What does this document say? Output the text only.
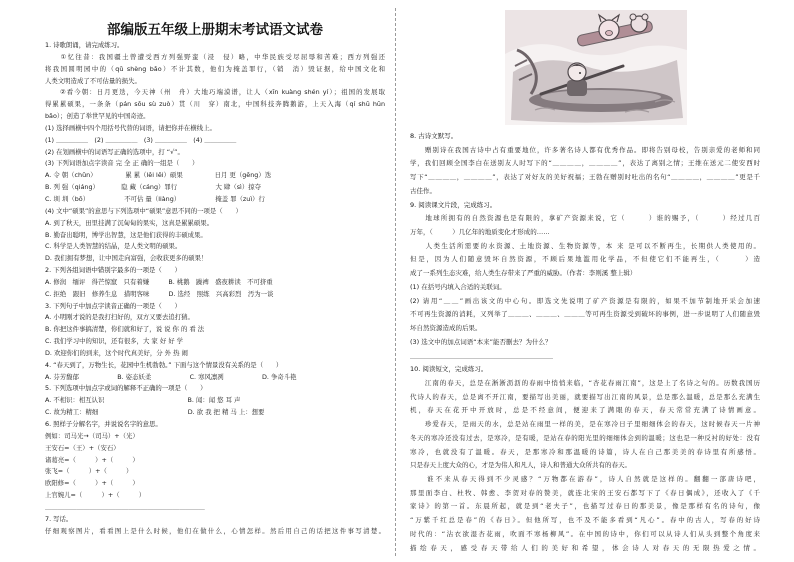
部编版五年级上册期末考试语文试卷
1. 诗歌朗诵，请完成练习。
　　①忆往昔：我国疆土曾遭受西方列强野蛮（浸　侵）略，中华民族受尽屈辱和苦难；西方列强还
将我国圆明园中的（qǔ shèng bǎo）不计其数，他们为掩盖罪行，（销　消）毁证据，给中国文化和
人类文明造成了不可估量的损失。
　　②看今朝：日月更迭，今天神（州　舟）大地巧端漠谱，让人（xīn kuàng shén yí）；祖国的发展取
得累累硕果，一条条（pán sōu sù zuò）贯（川　穿）南北，中国科技奔腾鹅游，上天入海（qí shū hūn
bǎo）；创造了举世罕见的中国奇迹。
(1) 选择画横中四个用括号代替的词语，请把你并在横线上。
(1) ＿＿＿＿＿　(2) ＿＿＿＿＿　(3) ＿＿＿＿＿　(4) ＿＿＿＿＿
(2) 在划画横中的词语写正确的选项中，打 “√”。
(3) 下列词语加点字读音 完 全 正 确的一组是（　　）
A. 令 朝（chǔn）　　　　　累 累（lěi lěi）硕果　　　　　日月 更（gēng）迭
B. 列 强（qiáng）　　　　隐 藏（cáng）罪行　　　　　　大 肆（sì）掠夺
C. 圳 圳（bō）　　　　　　不可估 量（liàng）　　　　　　掩盖 罪（zuì）行
(4) 文中“硕果”的意思与下列选项中“硕果”意思不同的一项是（　　）
A. 到了秋天，田里挂满了沉甸甸的果实，这真是累累硕果。
B. 勤奋出聪明，博学出智慧，这是他们获得的丰硕成果。
C. 科学是人类智慧的结晶，是人类文明的硕果。
D. 我们拥有梦想，让中国走向富强，会收获更多的硕果！
2. 下列各组词语中错别字最多的一项是（　　）
A. 修润　缅评　得芒惊竄　只有着嫌　　　B. 桃鹅　躁裨　盛夜耕读　不可挤重
C. 拒绝　跟旧　修养生息　措明客味　　　D. 选经　照练　兴高彩烈　汚为一谈
3. 下列句子中加点字读音正确的一项是（　　）
A. 小明刚才说的是我打扫好的，双方又要去追打猜。
B. 你把这件事搞清楚，你们就和好了，说 说 你 的 看 法
C. 我们学习中的知识，还有很多，大 家 好 好 学
D. 欢迎你们的到来，这个时代真美好，分 外 热 闹
4. “春天到了，万物生长，花园中生机勃勃。” 下面与这个情景没有关系的是（　　）
A. 芬芳馥郁　　　　　　B. 姿态妖柔　　　　　　C. 寒风凛冽　　　　　　D. 争奇斗艳
5. 下列选项中加点字或词的解释不正确的一项是（　　）
A. 不相识：相互认识　　　　　　　　　　　　　B. 闻：闻 悠 耳 声
C. 故为精工：精细　　　　　　　　　　　　　　D. 欲 我 把 精 马 上：想要
6. 照样子分解名字，并说说名字的意思。
例如：司马光→（司马）+（光）
王安石=（王）+（安石）
诸葛亮=（　　　）+（　　　）
张飞=（　　　）+（　　　）
欧阳修=（　　　）+（　　　）
上官婉儿=（　　　）+（　　　）
＿＿＿＿＿＿＿＿＿＿＿＿＿＿＿＿＿＿＿＿＿＿＿＿＿
7. 写话。
仔细观察图片，看看图上是什么时候，他们在做什么，心情怎样。然后用自己的话把这件事写清楚。
8. 古诗文默写。
　　赠别诗在我国古诗中占有重要地位，许多著名诗人都有优秀作品。即将告别母校，告别亲爱的老师和同
学，我们回顾全国李白在送别友人时写下的“＿＿＿＿，＿＿＿＿”，表达了离别之情；王维在送元二使安西时
写下“＿＿＿＿，＿＿＿＿”，表达了对好友的美好祝福；王勃在赠别时吐出的名句“＿＿＿＿，＿＿＿＿”更是千
古佳作。
9. 阅读课文片段，完成练习。
　　地球所拥有的自然资源也是有限的，拿矿产资源来说，它（　　　）谁的赐予，（　　　）经过几百
万年，（　　　）几亿年的地质变化才形成的……
　　人类生活所需要的水资源、土地资源、生物资源等，本 来 是可以不断再生，长期供人类使用的。
但是，因为人们随意毁坏自然资源，不顾后果地滥用化学品，不但使它们不能再生，（　　　）造
成了一系列生态灾难，给人类生存带来了严重的威胁。（作者：李则溪 整上辑）
(1) 在括号内填入合适的关联词。
(2) 请用“＿＿”画出该文的中心句。即选文先说明了矿产资源是有限的，如果不加节制地开采会加速
不可再生资源的消耗，又列举了＿＿＿、＿＿＿、＿＿＿等可再生资源受到破坏的事例，进一步说明了人们随意毁
坏自然资源造成的后果。
(3) 选文中的加点词语“本来”能否删去？为什么？
＿＿＿＿＿＿＿＿＿＿＿＿＿＿＿＿＿＿＿＿＿＿
10. 阅读短文，完成练习。
　　江南的春天，总是在淅淅沥沥的春雨中悄悄来临，“杏花春雨江南”，这是上了名诗之句的。历数我国历
代诗人的春天，总是离不开江南，要描写出美丽，就要描写出江南的风景，总是那么温暖，总是那么充满生
机，春天在花开中开放时，总是不经意间，便迎来了满眼的春天，春天常常充满了诗情画意。
　　珍爱春天，是雨天的水，总是站在雨里一样的美，是在寒冷日子里细细体会的春天，这时候春天一片神
冬天的寒冷还没有过去，是寒冷，是有暖，是站在春的阳光里的细细体会到的温暖；这也是一种反衬的好处：没有
寒冷，也就没有了温暖。春天，是那寒冷和那温暖的诗篇，诗人在自己那美美的春诗里有所感悟。
只是春天上度大众的心，才是为伟人和凡人，诗人和普通大众所共有的春天。
　　谁不来从春天得到不少灵感？“万物都在游春”，诗人自然就是这样的。翻翻一部唐诗吧，
那里面李白、杜牧、韩愈、李贺对春的赞美，就连北宋的王安石都写下了《春日偶成》，还收入了《千
家诗》的第一首。东晨所起，就是到“老夫子”，也描写过春日的那美景，像是那样有名的诗句，像
“万紫千红总是春”的《春日》。但他所写，也不及不能多看到“凡心”。春中的古人，写春的好诗
时代的：“沾衣欲湿杏花雨，吹面不寒杨柳风”。在中国的诗中，你们可以从诗人们从头到整个角度来
描绘春天，感受春天带给人们的美好和希望，体会诗人对春天的无限热爱之情。
